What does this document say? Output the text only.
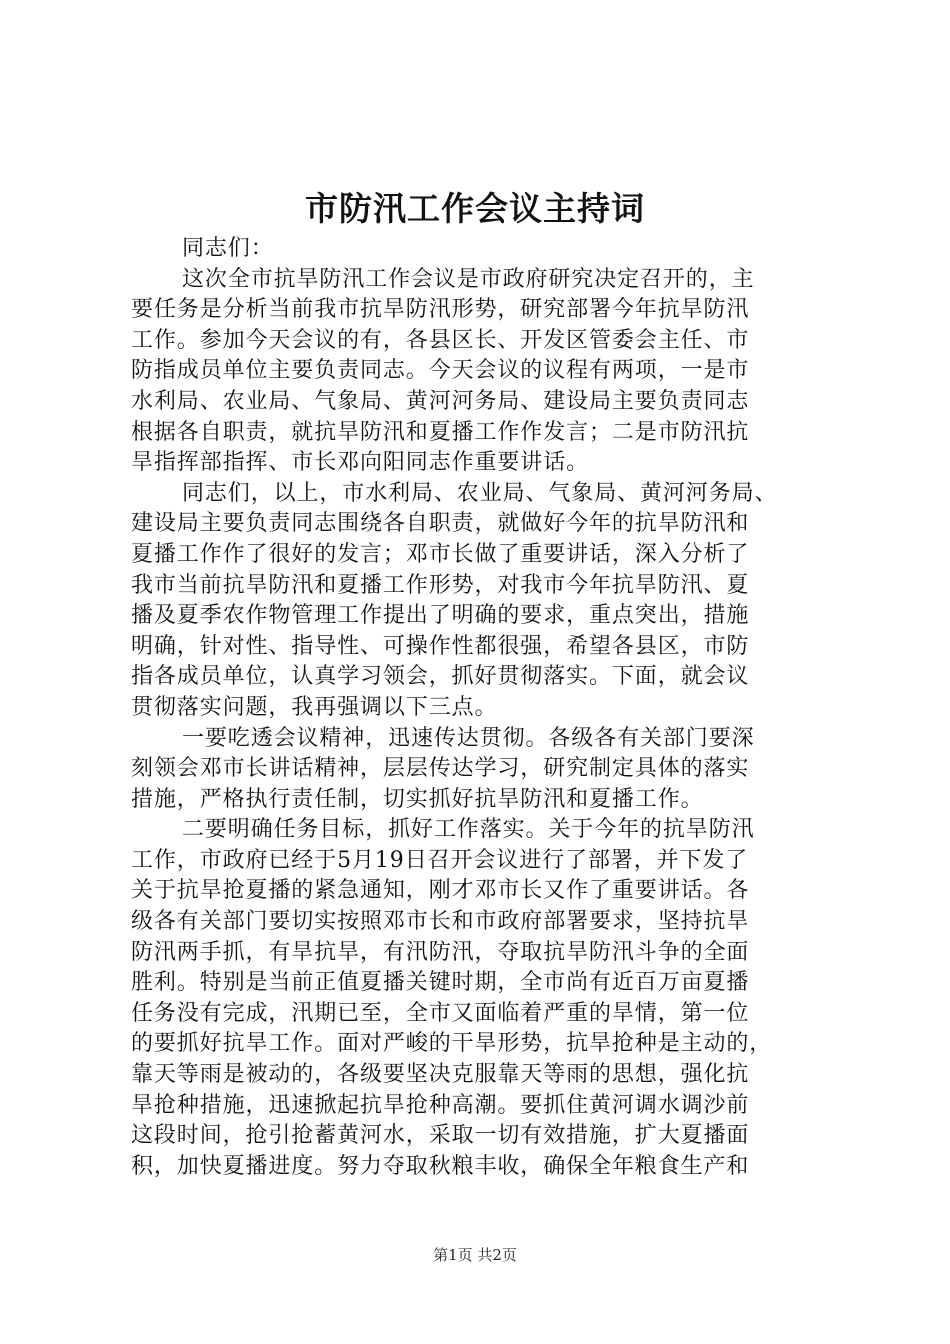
市防汛工作会议主持词
同志们：
这次全市抗旱防汛工作会议是市政府研究决定召开的，主
要任务是分析当前我市抗旱防汛形势，研究部署今年抗旱防汛
工作。参加今天会议的有，各县区长、开发区管委会主任、市
防指成员单位主要负责同志。今天会议的议程有两项，一是市
水利局、农业局、气象局、黄河河务局、建设局主要负责同志
根据各自职责，就抗旱防汛和夏播工作作发言；二是市防汛抗
旱指挥部指挥、市长邓向阳同志作重要讲话。
同志们，以上，市水利局、农业局、气象局、黄河河务局、
建设局主要负责同志围绕各自职责，就做好今年的抗旱防汛和
夏播工作作了很好的发言；邓市长做了重要讲话，深入分析了
我市当前抗旱防汛和夏播工作形势，对我市今年抗旱防汛、夏
播及夏季农作物管理工作提出了明确的要求，重点突出，措施
明确，针对性、指导性、可操作性都很强，希望各县区，市防
指各成员单位，认真学习领会，抓好贯彻落实。下面，就会议
贯彻落实问题，我再强调以下三点。
一要吃透会议精神，迅速传达贯彻。各级各有关部门要深
刻领会邓市长讲话精神，层层传达学习，研究制定具体的落实
措施，严格执行责任制，切实抓好抗旱防汛和夏播工作。
二要明确任务目标，抓好工作落实。关于今年的抗旱防汛
工作，市政府已经于5月19日召开会议进行了部署，并下发了
关于抗旱抢夏播的紧急通知，刚才邓市长又作了重要讲话。各
级各有关部门要切实按照邓市长和市政府部署要求，坚持抗旱
防汛两手抓，有旱抗旱，有汛防汛，夺取抗旱防汛斗争的全面
胜利。特别是当前正值夏播关键时期，全市尚有近百万亩夏播
任务没有完成，汛期已至，全市又面临着严重的旱情，第一位
的要抓好抗旱工作。面对严峻的干旱形势，抗旱抢种是主动的，
靠天等雨是被动的，各级要坚决克服靠天等雨的思想，强化抗
旱抢种措施，迅速掀起抗旱抢种高潮。要抓住黄河调水调沙前
这段时间，抢引抢蓄黄河水，采取一切有效措施，扩大夏播面
积，加快夏播进度。努力夺取秋粮丰收，确保全年粮食生产和
第1页 共2页
